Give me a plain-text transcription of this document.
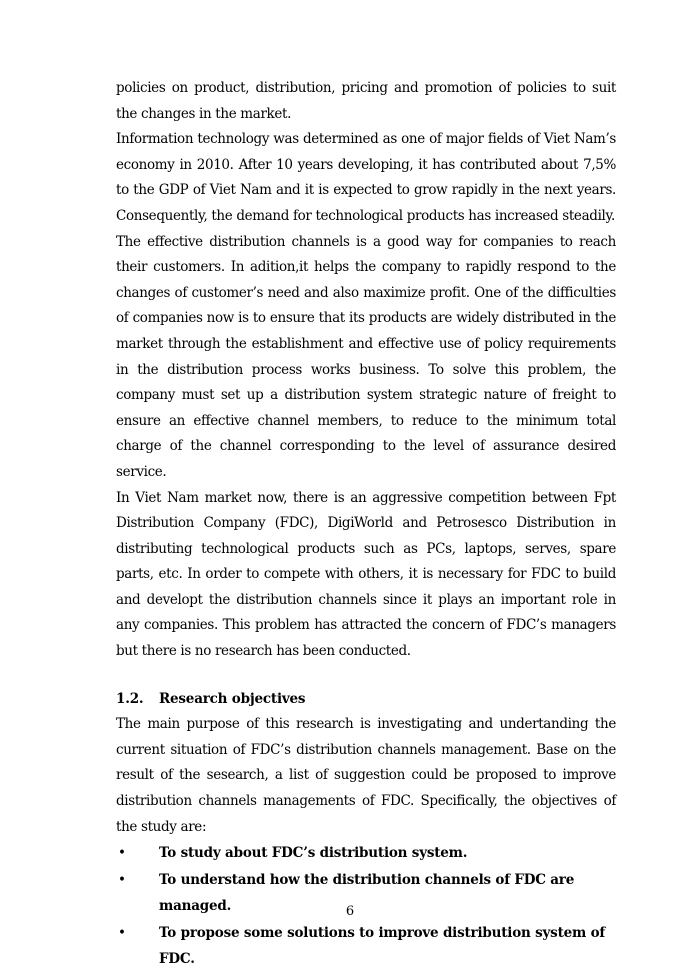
policies on product, distribution, pricing and promotion of policies to suit the changes in the market.

Information technology was determined as one of major fields of Viet Nam’s economy in 2010. After 10 years developing, it has contributed about 7,5% to the GDP of Viet Nam and it is expected to grow rapidly in the next years. Consequently, the demand for technological products has increased steadily.

The effective distribution channels is a good way for companies to reach their customers. In adition,it helps the company to rapidly respond to the changes of customer’s need and also maximize profit. One of the difficulties of companies now is to ensure that its products are widely distributed in the market through the establishment and effective use of policy requirements in the distribution process works business. To solve this problem, the company must set up a distribution system strategic nature of freight to ensure an effective channel members, to reduce to the minimum total charge of the channel corresponding to the level of assurance desired service.

In Viet Nam market now, there is an aggressive competition between Fpt Distribution Company (FDC), DigiWorld and Petrosesco Distribution in distributing technological products such as PCs, laptops, serves, spare parts, etc. In order to compete with others, it is necessary for FDC to build and developt the distribution channels since it plays an important role in any companies. This problem has attracted the concern of FDC’s managers but there is no research has been conducted.

1.2. Research objectives

The main purpose of this research is investigating and undertanding the current situation of FDC’s distribution channels management. Base on the result of the sesearch, a list of suggestion could be proposed to improve distribution channels managements of FDC. Specifically, the objectives of the study are:

• To study about FDC’s distribution system.
• To understand how the distribution channels of FDC are managed.
• To propose some solutions to improve distribution system of FDC.
6
